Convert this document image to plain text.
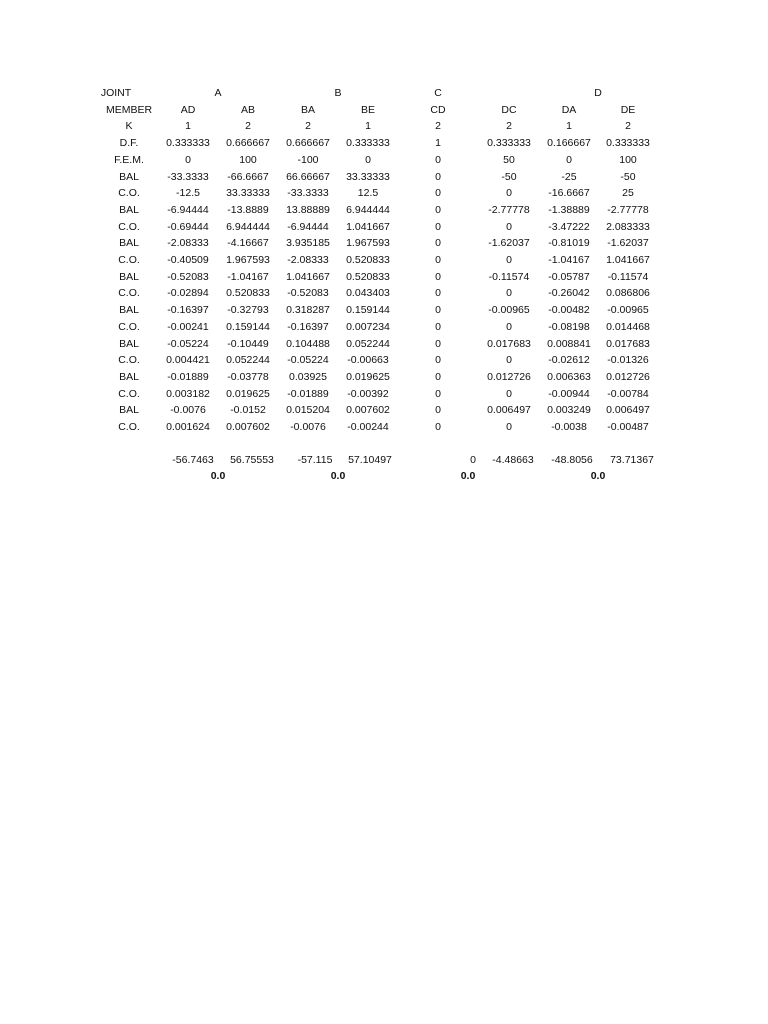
JOINT	A	B	C	D
MEMBER	AD	AB	BA	BE	CD	DC	DA	DE
K	1	2	2	1	2	2	1	2
D.F.	0.333333	0.666667	0.666667	0.333333	1	0.333333	0.166667	0.333333
F.E.M.	0	100	-100	0	0	50	0	100
BAL	-33.3333	-66.6667	66.66667	33.33333	0	-50	-25	-50
C.O.	-12.5	33.33333	-33.3333	12.5	0	0	-16.6667	25
BAL	-6.94444	-13.8889	13.88889	6.944444	0	-2.77778	-1.38889	-2.77778
C.O.	-0.69444	6.944444	-6.94444	1.041667	0	0	-3.47222	2.083333
BAL	-2.08333	-4.16667	3.935185	1.967593	0	-1.62037	-0.81019	-1.62037
C.O.	-0.40509	1.967593	-2.08333	0.520833	0	0	-1.04167	1.041667
BAL	-0.52083	-1.04167	1.041667	0.520833	0	-0.11574	-0.05787	-0.11574
C.O.	-0.02894	0.520833	-0.52083	0.043403	0	0	-0.26042	0.086806
BAL	-0.16397	-0.32793	0.318287	0.159144	0	-0.00965	-0.00482	-0.00965
C.O.	-0.00241	0.159144	-0.16397	0.007234	0	0	-0.08198	0.014468
BAL	-0.05224	-0.10449	0.104488	0.052244	0	0.017683	0.008841	0.017683
C.O.	0.004421	0.052244	-0.05224	-0.00663	0	0	-0.02612	-0.01326
BAL	-0.01889	-0.03778	0.03925	0.019625	0	0.012726	0.006363	0.012726
C.O.	0.003182	0.019625	-0.01889	-0.00392	0	0	-0.00944	-0.00784
BAL	-0.0076	-0.0152	0.015204	0.007602	0	0.006497	0.003249	0.006497
C.O.	0.001624	0.007602	-0.0076	-0.00244	0	0	-0.0038	-0.00487
-56.7463	56.75553	-57.115	57.10497	0	-4.48663	-48.8056	73.71367
0.0	0.0	0.0	0.0
